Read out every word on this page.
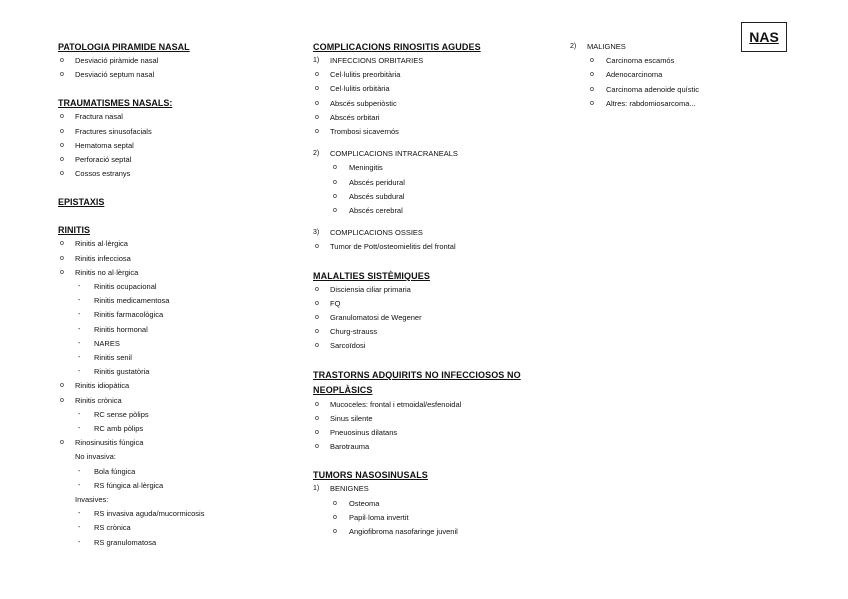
NAS
PATOLOGIA PIRAMIDE NASAL
o Desviació piràmide nasal
o Desviació septum nasal
TRAUMATISMES NASALS:
o Fractura nasal
o Fractures sinusofacials
o Hematoma septal
o Perforació septal
o Cossos estranys
EPISTAXIS
RINITIS
o Rinitis al·lèrgica
o Rinitis infecciosa
o Rinitis no al·lèrgica
- Rinitis ocupacional
- Rinitis medicamentosa
- Rinitis farmacològica
- Rinitis hormonal
- NARES
- Rinitis senil
- Rinitis gustatòria
o Rinitis idiopàtica
o Rinitis crònica
- RC sense pòlips
- RC amb pòlips
o Rinosinusitis fúngica
No invasiva:
- Bola fúngica
- RS fúngica al·lèrgica
Invasives:
- RS invasiva aguda/mucormicosis
- RS crònica
- RS granulomatosa
COMPLICACIONS RINOSITIS AGUDES
1) INFECCIONS ORBITARIES
o Cel·lulitis preorbitària
o Cel·lulitis orbitària
o Abscés subperiòstic
o Abscés orbitari
o Trombosi sicavernós
2) COMPLICACIONS INTRACRANEALS
o Meningitis
o Abscés peridural
o Abscés subdural
o Abscés cerebral
3) COMPLICACIONS OSSIES
o Tumor de Pott/osteomielitis del frontal
MALALTIES SISTÈMIQUES
o Disciensia ciliar primaria
o FQ
o Granulomatosi de Wegener
o Churg-strauss
o Sarcoïdosi
TRASTORNS ADQUIRITS NO INFECCIOSOS NO NEOPLÀSICS
o Mucoceles: frontal i etmoidal/esfenoidal
o Sinus silente
o Pneuosinus dilatans
o Barotrauma
TUMORS NASOSINUSALS
1) BENIGNES
o Osteoma
o Papil·loma invertit
o Angiofibroma nasofaringe juvenil
2) MALIGNES
o Carcinoma escamós
o Adenocarcinoma
o Carcinoma adenoide quístic
o Altres: rabdomiosarcoma...
